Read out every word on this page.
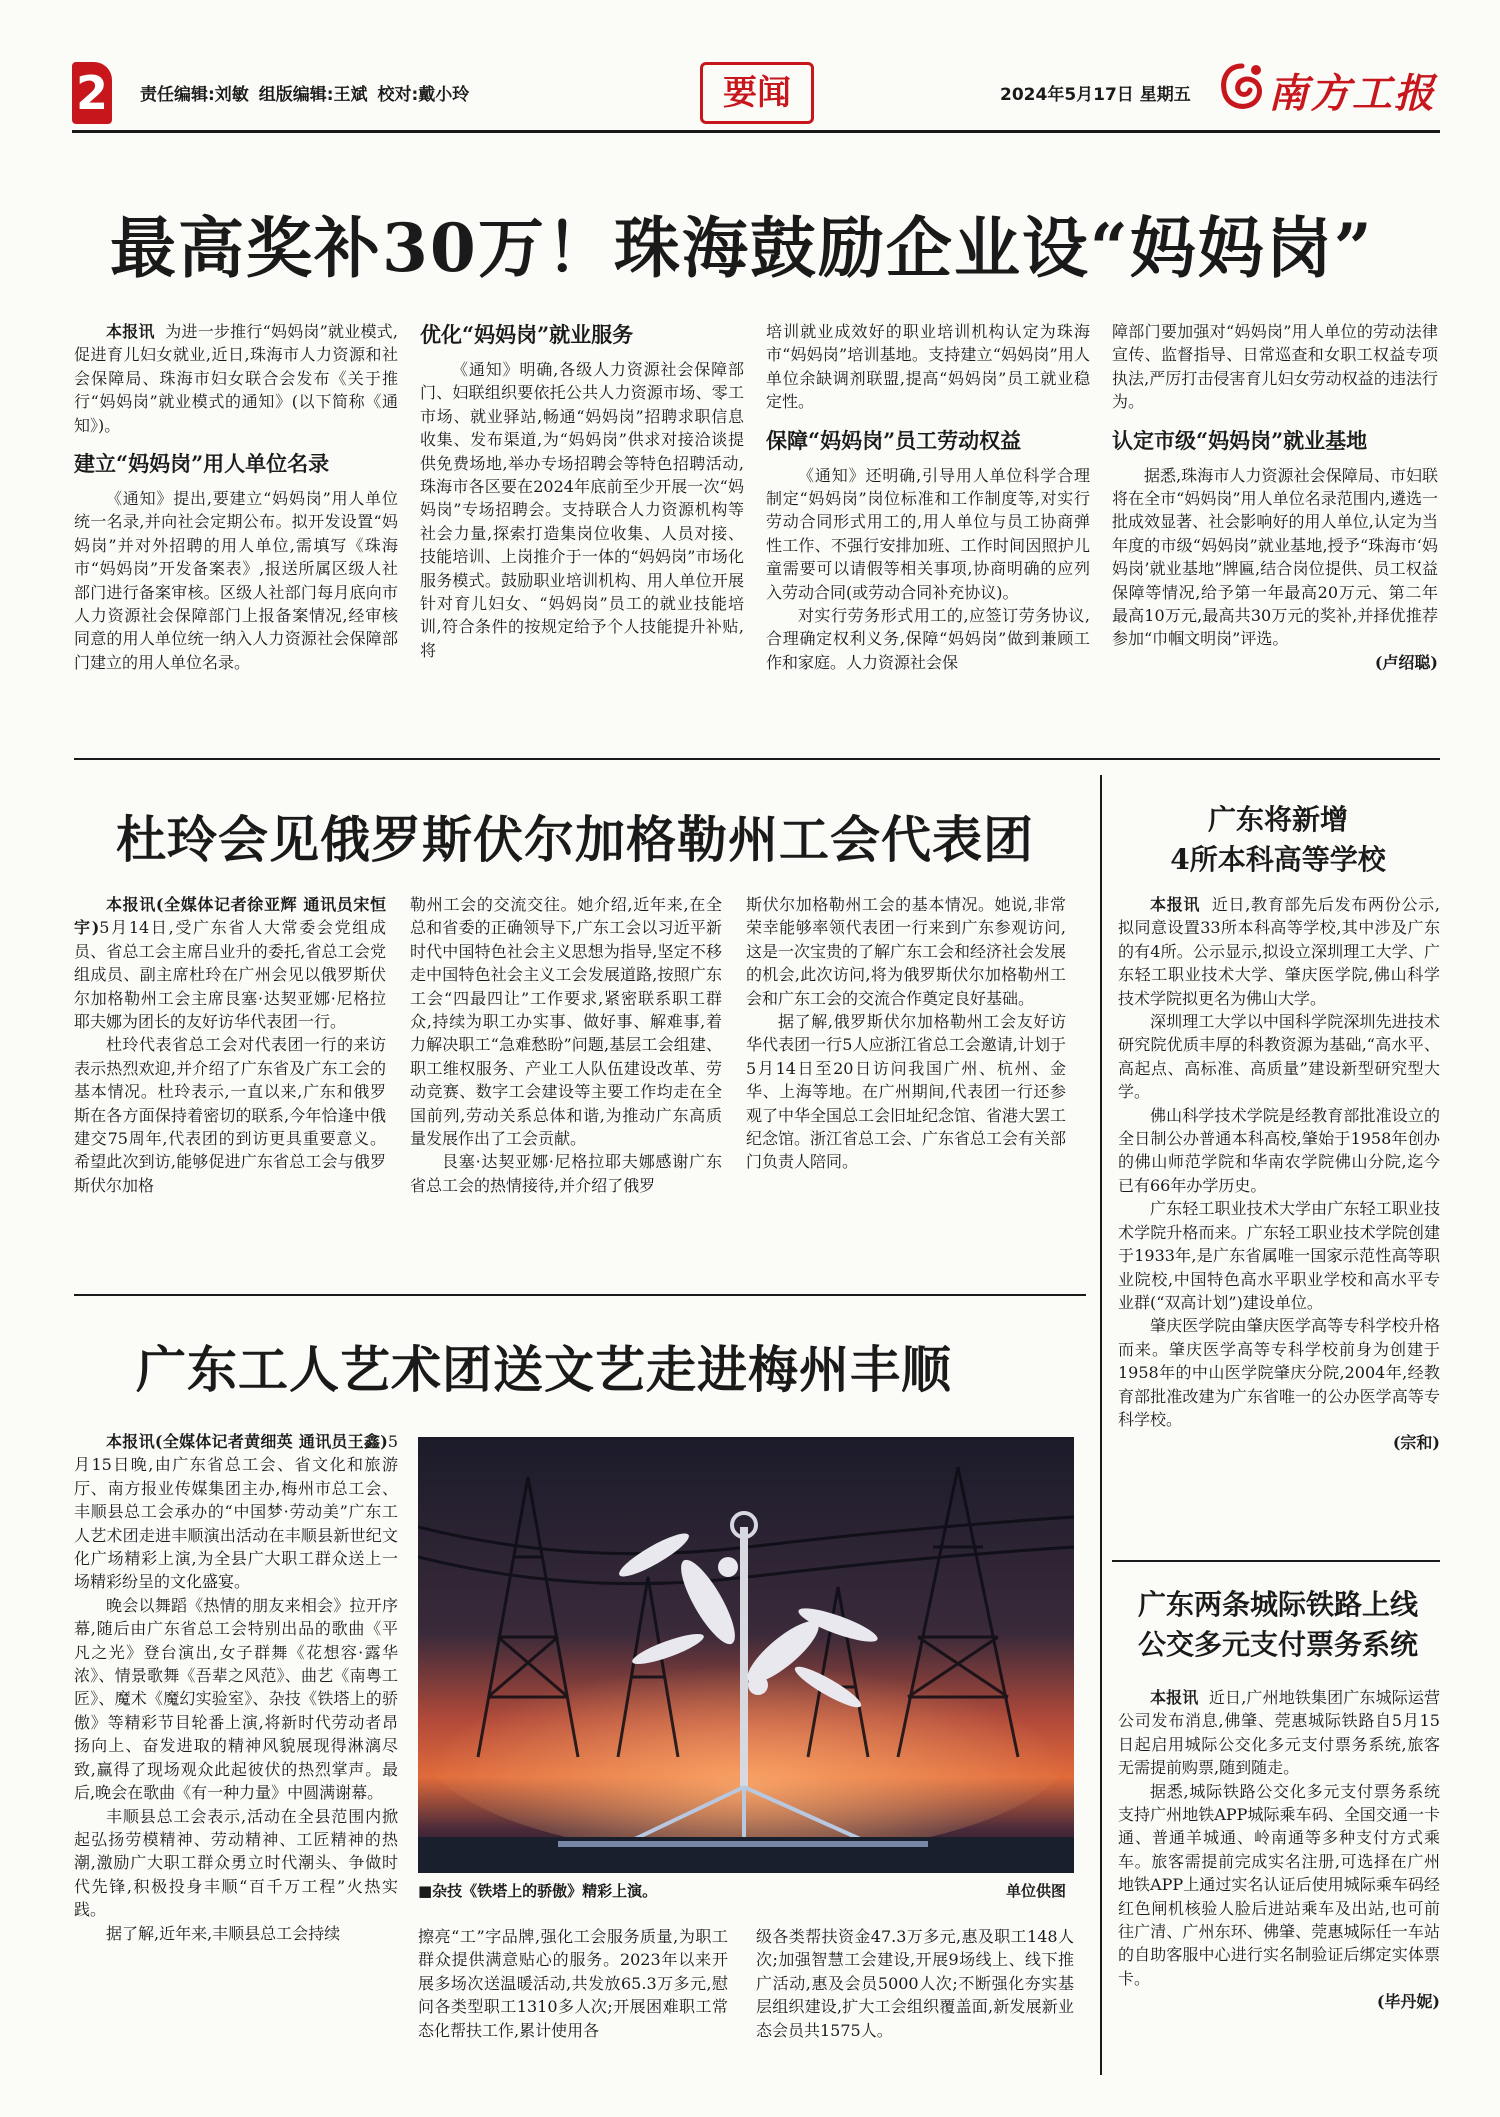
2 责任编辑:刘敏 组版编辑:王斌 校对:戴小玲	要闻	2024年5月17日 星期五 南方工报
最高奖补30万！珠海鼓励企业设“妈妈岗”

本报讯 为进一步推行“妈妈岗”就业模式,促进育儿妇女就业,近日,珠海市人力资源和社会保障局、珠海市妇女联合会发布《关于推行“妈妈岗”就业模式的通知》(以下简称《通知》)。

建立“妈妈岗”用人单位名录

《通知》提出,要建立“妈妈岗”用人单位统一名录,并向社会定期公布。拟开发设置“妈妈岗”并对外招聘的用人单位,需填写《珠海市“妈妈岗”开发备案表》,报送所属区级人社部门进行备案审核。区级人社部门每月底向市人力资源社会保障部门上报备案情况,经审核同意的用人单位统一纳入人力资源社会保障部门建立的用人单位名录。

优化“妈妈岗”就业服务

《通知》明确,各级人力资源社会保障部门、妇联组织要依托公共人力资源市场、零工市场、就业驿站,畅通“妈妈岗”招聘求职信息收集、发布渠道,为“妈妈岗”供求对接洽谈提供免费场地,举办专场招聘会等特色招聘活动,珠海市各区要在2024年底前至少开展一次“妈妈岗”专场招聘会。支持联合人力资源机构等社会力量,探索打造集岗位收集、人员对接、技能培训、上岗推介于一体的“妈妈岗”市场化服务模式。鼓励职业培训机构、用人单位开展针对育儿妇女、“妈妈岗”员工的就业技能培训,符合条件的按规定给予个人技能提升补贴,将

培训就业成效好的职业培训机构认定为珠海市“妈妈岗”培训基地。支持建立“妈妈岗”用人单位余缺调剂联盟,提高“妈妈岗”员工就业稳定性。

保障“妈妈岗”员工劳动权益

《通知》还明确,引导用人单位科学合理制定“妈妈岗”岗位标准和工作制度等,对实行劳动合同形式用工的,用人单位与员工协商弹性工作、不强行安排加班、工作时间因照护儿童需要可以请假等相关事项,协商明确的应列入劳动合同(或劳动合同补充协议)。

对实行劳务形式用工的,应签订劳务协议,合理确定权利义务,保障“妈妈岗”做到兼顾工作和家庭。人力资源社会保

障部门要加强对“妈妈岗”用人单位的劳动法律宣传、监督指导、日常巡查和女职工权益专项执法,严厉打击侵害育儿妇女劳动权益的违法行为。

认定市级“妈妈岗”就业基地

据悉,珠海市人力资源社会保障局、市妇联将在全市“妈妈岗”用人单位名录范围内,遴选一批成效显著、社会影响好的用人单位,认定为当年度的市级“妈妈岗”就业基地,授予“珠海市‘妈妈岗’就业基地”牌匾,结合岗位提供、员工权益保障等情况,给予第一年最高20万元、第二年最高10万元,最高共30万元的奖补,并择优推荐参加“巾帼文明岗”评选。

(卢绍聪)

杜玲会见俄罗斯伏尔加格勒州工会代表团

本报讯(全媒体记者徐亚辉 通讯员宋恒宇)5月14日,受广东省人大常委会党组成员、省总工会主席吕业升的委托,省总工会党组成员、副主席杜玲在广州会见以俄罗斯伏尔加格勒州工会主席艮塞·达契亚娜·尼格拉耶夫娜为团长的友好访华代表团一行。

杜玲代表省总工会对代表团一行的来访表示热烈欢迎,并介绍了广东省及广东工会的基本情况。杜玲表示,一直以来,广东和俄罗斯在各方面保持着密切的联系,今年恰逢中俄建交75周年,代表团的到访更具重要意义。希望此次到访,能够促进广东省总工会与俄罗斯伏尔加格

勒州工会的交流交往。她介绍,近年来,在全总和省委的正确领导下,广东工会以习近平新时代中国特色社会主义思想为指导,坚定不移走中国特色社会主义工会发展道路,按照广东工会“四最四让”工作要求,紧密联系职工群众,持续为职工办实事、做好事、解难事,着力解决职工“急难愁盼”问题,基层工会组建、职工维权服务、产业工人队伍建设改革、劳动竞赛、数字工会建设等主要工作均走在全国前列,劳动关系总体和谐,为推动广东高质量发展作出了工会贡献。

艮塞·达契亚娜·尼格拉耶夫娜感谢广东省总工会的热情接待,并介绍了俄罗

斯伏尔加格勒州工会的基本情况。她说,非常荣幸能够率领代表团一行来到广东参观访问,这是一次宝贵的了解广东工会和经济社会发展的机会,此次访问,将为俄罗斯伏尔加格勒州工会和广东工会的交流合作奠定良好基础。

据了解,俄罗斯伏尔加格勒州工会友好访华代表团一行5人应浙江省总工会邀请,计划于5月14日至20日访问我国广州、杭州、金华、上海等地。在广州期间,代表团一行还参观了中华全国总工会旧址纪念馆、省港大罢工纪念馆。浙江省总工会、广东省总工会有关部门负责人陪同。

广东工人艺术团送文艺走进梅州丰顺

本报讯(全媒体记者黄细英 通讯员王鑫)5月15日晚,由广东省总工会、省文化和旅游厅、南方报业传媒集团主办,梅州市总工会、丰顺县总工会承办的“中国梦·劳动美”广东工人艺术团走进丰顺演出活动在丰顺县新世纪文化广场精彩上演,为全县广大职工群众送上一场精彩纷呈的文化盛宴。

晚会以舞蹈《热情的朋友来相会》拉开序幕,随后由广东省总工会特别出品的歌曲《平凡之光》登台演出,女子群舞《花想容·露华浓》、情景歌舞《吾辈之风范》、曲艺《南粤工匠》、魔术《魔幻实验室》、杂技《铁塔上的骄傲》等精彩节目轮番上演,将新时代劳动者昂扬向上、奋发进取的精神风貌展现得淋漓尽致,赢得了现场观众此起彼伏的热烈掌声。最后,晚会在歌曲《有一种力量》中圆满谢幕。

丰顺县总工会表示,活动在全县范围内掀起弘扬劳模精神、劳动精神、工匠精神的热潮,激励广大职工群众勇立时代潮头、争做时代先锋,积极投身丰顺“百千万工程”火热实践。

据了解,近年来,丰顺县总工会持续

■杂技《铁塔上的骄傲》精彩上演。	单位供图

擦亮“工”字品牌,强化工会服务质量,为职工群众提供满意贴心的服务。2023年以来开展多场次送温暖活动,共发放65.3万多元,慰问各类型职工1310多人次;开展困难职工常态化帮扶工作,累计使用各

级各类帮扶资金47.3万多元,惠及职工148人次;加强智慧工会建设,开展9场线上、线下推广活动,惠及会员5000人次;不断强化夯实基层组织建设,扩大工会组织覆盖面,新发展新业态会员共1575人。

广东将新增
4所本科高等学校

本报讯 近日,教育部先后发布两份公示,拟同意设置33所本科高等学校,其中涉及广东的有4所。公示显示,拟设立深圳理工大学、广东轻工职业技术大学、肇庆医学院,佛山科学技术学院拟更名为佛山大学。

深圳理工大学以中国科学院深圳先进技术研究院优质丰厚的科教资源为基础,“高水平、高起点、高标准、高质量”建设新型研究型大学。

佛山科学技术学院是经教育部批准设立的全日制公办普通本科高校,肇始于1958年创办的佛山师范学院和华南农学院佛山分院,迄今已有66年办学历史。

广东轻工职业技术大学由广东轻工职业技术学院升格而来。广东轻工职业技术学院创建于1933年,是广东省属唯一国家示范性高等职业院校,中国特色高水平职业学校和高水平专业群(“双高计划”)建设单位。

肇庆医学院由肇庆医学高等专科学校升格而来。肇庆医学高等专科学校前身为创建于1958年的中山医学院肇庆分院,2004年,经教育部批准改建为广东省唯一的公办医学高等专科学校。

(宗和)

广东两条城际铁路上线
公交多元支付票务系统

本报讯 近日,广州地铁集团广东城际运营公司发布消息,佛肇、莞惠城际铁路自5月15日起启用城际公交化多元支付票务系统,旅客无需提前购票,随到随走。

据悉,城际铁路公交化多元支付票务系统支持广州地铁APP城际乘车码、全国交通一卡通、普通羊城通、岭南通等多种支付方式乘车。旅客需提前完成实名注册,可选择在广州地铁APP上通过实名认证后使用城际乘车码经红色闸机核验人脸后进站乘车及出站,也可前往广清、广州东环、佛肇、莞惠城际任一车站的自助客服中心进行实名制验证后绑定实体票卡。

(毕丹妮)
